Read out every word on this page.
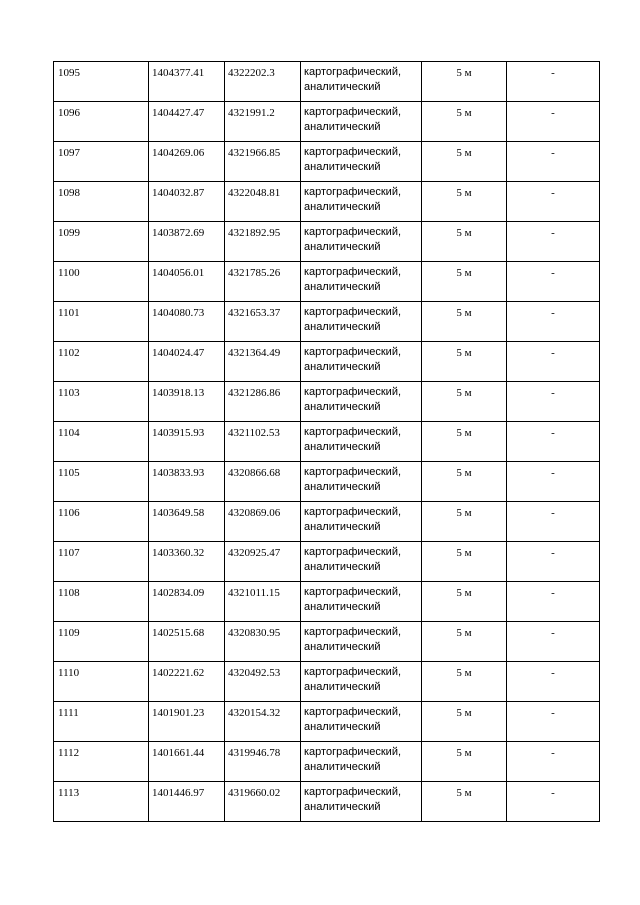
1095	1404377.41	4322202.3	картографический, аналитический	5 м	-
1096	1404427.47	4321991.2	картографический, аналитический	5 м	-
1097	1404269.06	4321966.85	картографический, аналитический	5 м	-
1098	1404032.87	4322048.81	картографический, аналитический	5 м	-
1099	1403872.69	4321892.95	картографический, аналитический	5 м	-
1100	1404056.01	4321785.26	картографический, аналитический	5 м	-
1101	1404080.73	4321653.37	картографический, аналитический	5 м	-
1102	1404024.47	4321364.49	картографический, аналитический	5 м	-
1103	1403918.13	4321286.86	картографический, аналитический	5 м	-
1104	1403915.93	4321102.53	картографический, аналитический	5 м	-
1105	1403833.93	4320866.68	картографический, аналитический	5 м	-
1106	1403649.58	4320869.06	картографический, аналитический	5 м	-
1107	1403360.32	4320925.47	картографический, аналитический	5 м	-
1108	1402834.09	4321011.15	картографический, аналитический	5 м	-
1109	1402515.68	4320830.95	картографический, аналитический	5 м	-
1110	1402221.62	4320492.53	картографический, аналитический	5 м	-
1111	1401901.23	4320154.32	картографический, аналитический	5 м	-
1112	1401661.44	4319946.78	картографический, аналитический	5 м	-
1113	1401446.97	4319660.02	картографический, аналитический	5 м	-
